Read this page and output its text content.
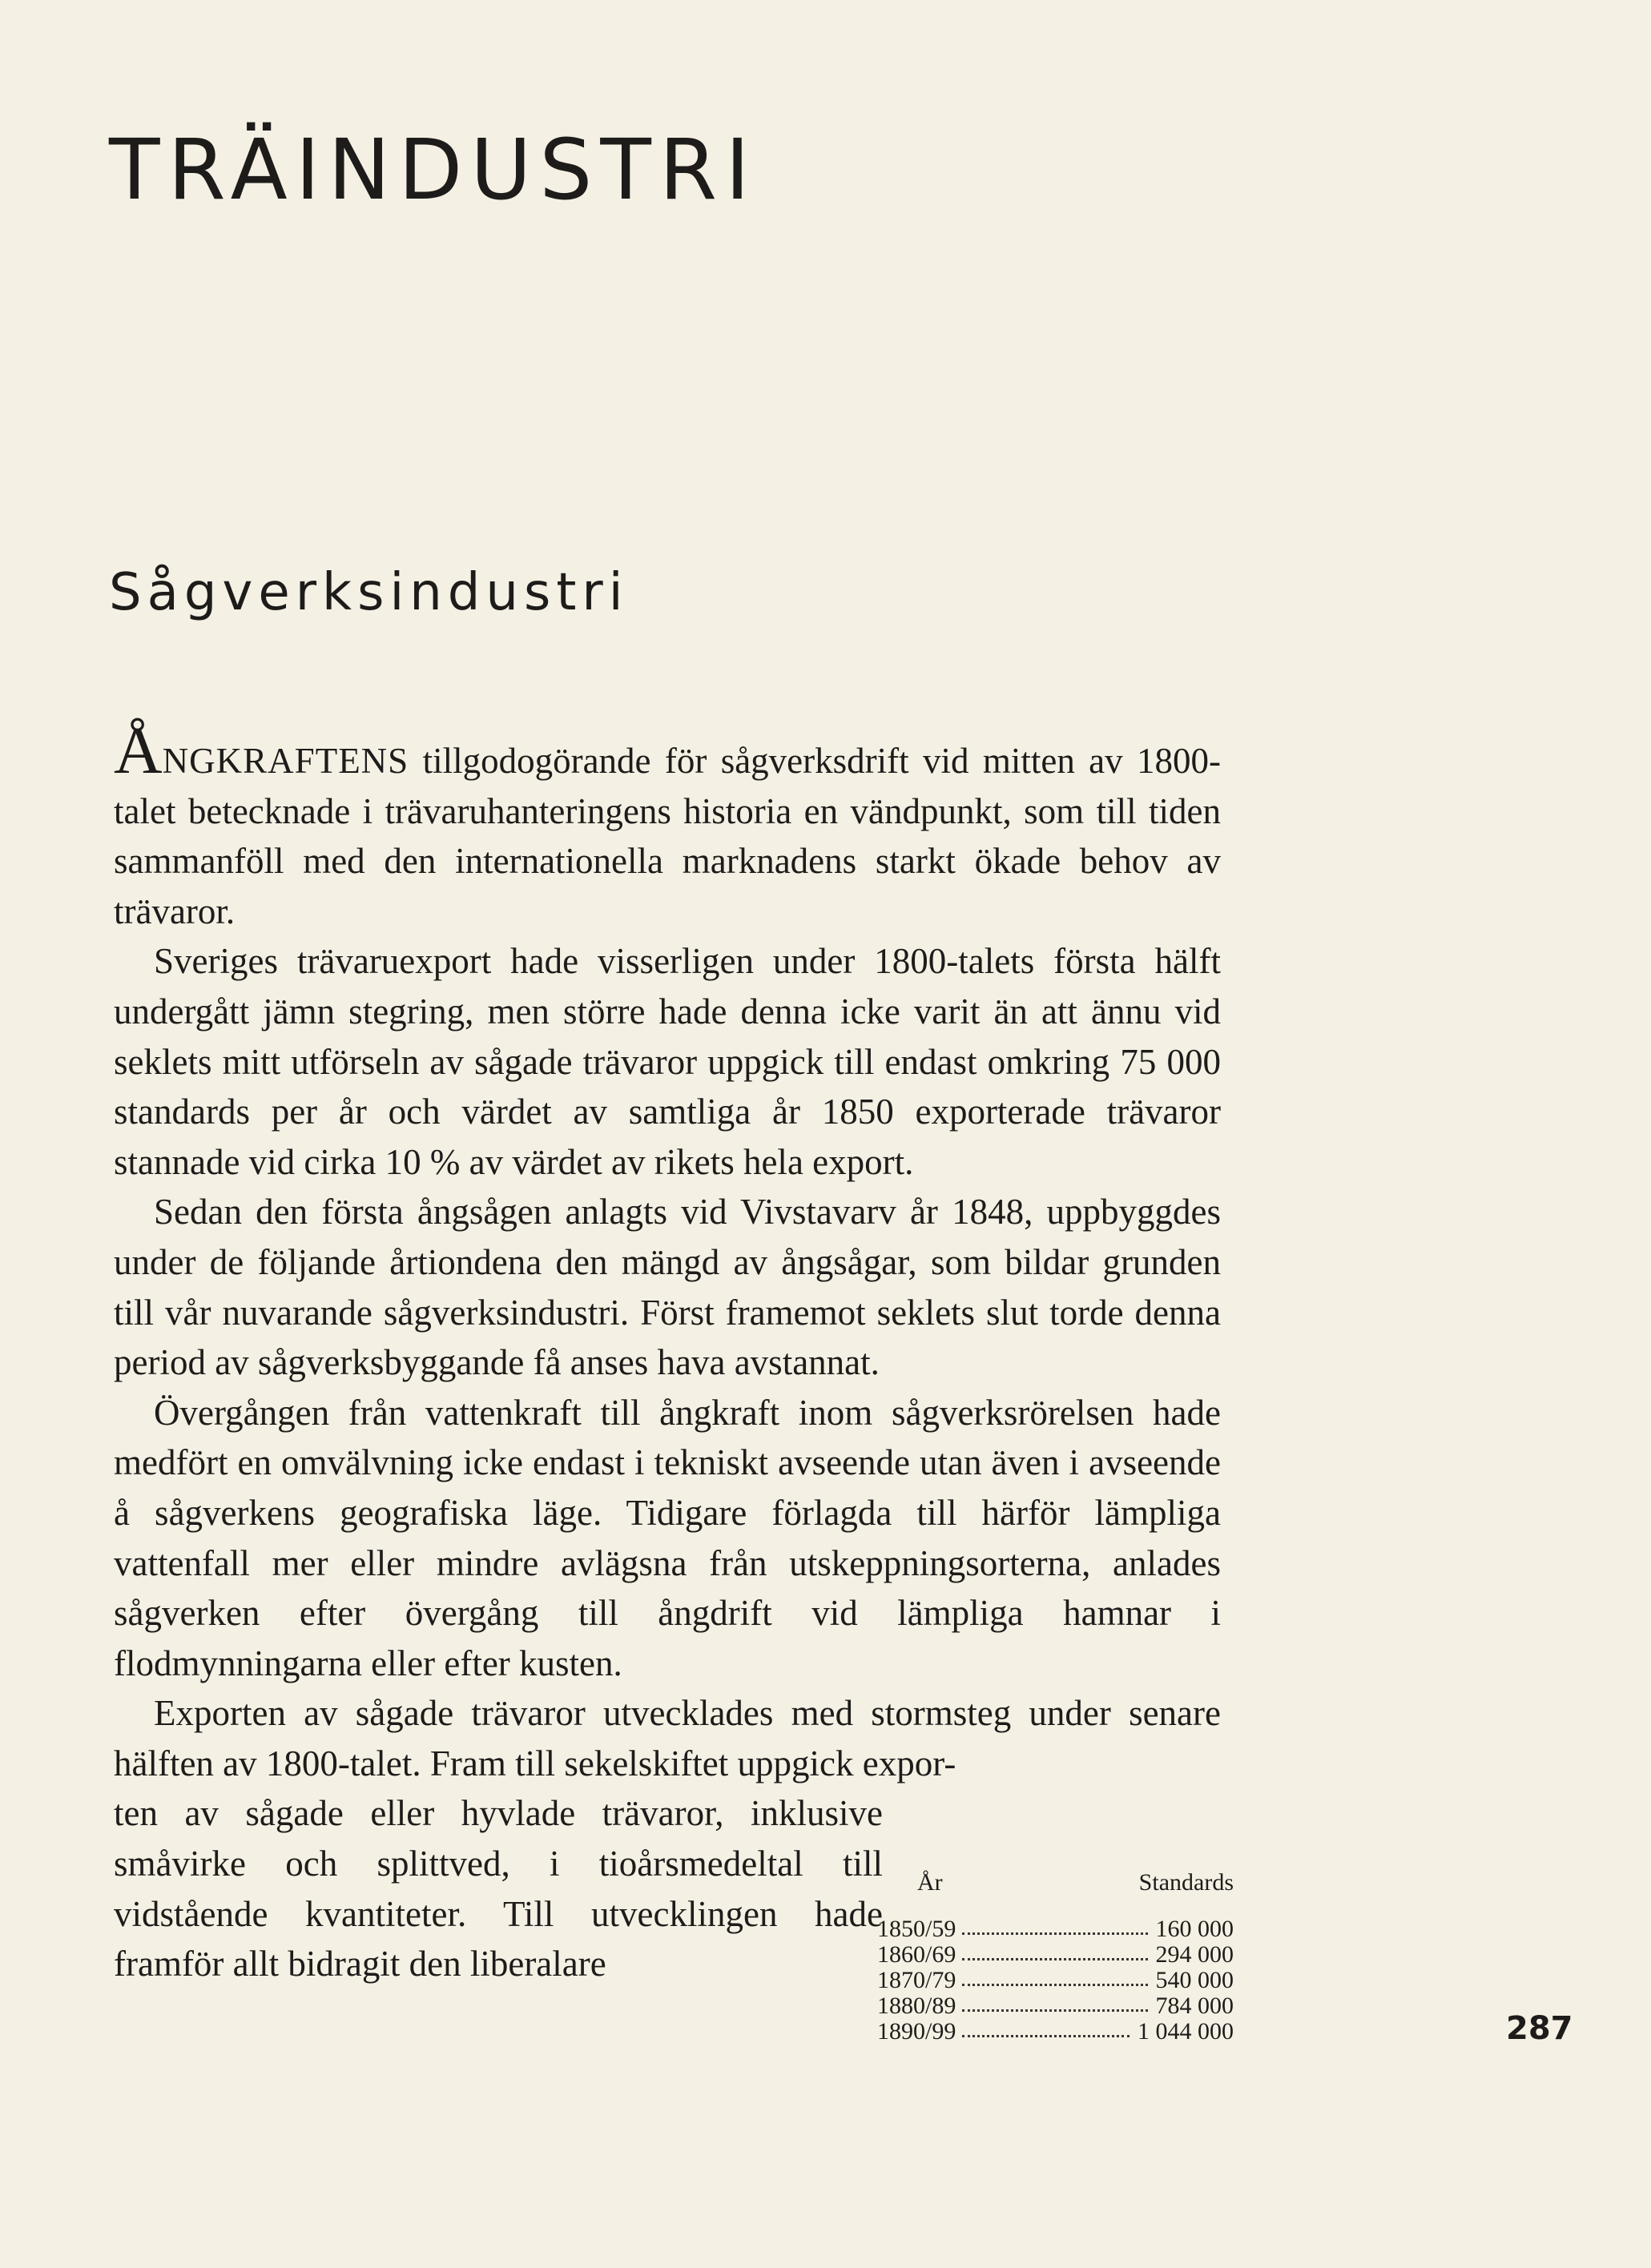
TRÄINDUSTRI
Sågverksindustri

ÅNGKRAFTENS tillgodogörande för sågverksdrift vid mitten av 1800-talet betecknade i trävaruhanteringens historia en vändpunkt, som till tiden sammanföll med den internationella marknadens starkt ökade behov av trävaror.

Sveriges trävaruexport hade visserligen under 1800-talets första hälft undergått jämn stegring, men större hade denna icke varit än att ännu vid seklets mitt utförseln av sågade trävaror uppgick till endast omkring 75 000 standards per år och värdet av samtliga år 1850 exporterade trävaror stannade vid cirka 10 % av värdet av rikets hela export.

Sedan den första ångsågen anlagts vid Vivstavarv år 1848, uppbyggdes under de följande årtiondena den mängd av ångsågar, som bildar grunden till vår nuvarande sågverksindustri. Först framemot seklets slut torde denna period av sågverksbyggande få anses hava avstannat.

Övergången från vattenkraft till ångkraft inom sågverksrörelsen hade medfört en omvälvning icke endast i tekniskt avseende utan även i avseende å sågverkens geografiska läge. Tidigare förlagda till härför lämpliga vattenfall mer eller mindre avlägsna från utskeppningsorterna, anlades sågverken efter övergång till ångdrift vid lämpliga hamnar i flodmynningarna eller efter kusten.

Exporten av sågade trävaror utvecklades med stormsteg under senare hälften av 1800-talet. Fram till sekelskiftet uppgick expor-

ten av sågade eller hyvlade trävaror, inklusive småvirke och splittved, i tioårsmedeltal till vidstående kvantiteter. Till utvecklingen hade framför allt bidragit den liberalare

År	Standards
1850/59	160 000
1860/69	294 000
1870/79	540 000
1880/89	784 000
1890/99	1 044 000	287
